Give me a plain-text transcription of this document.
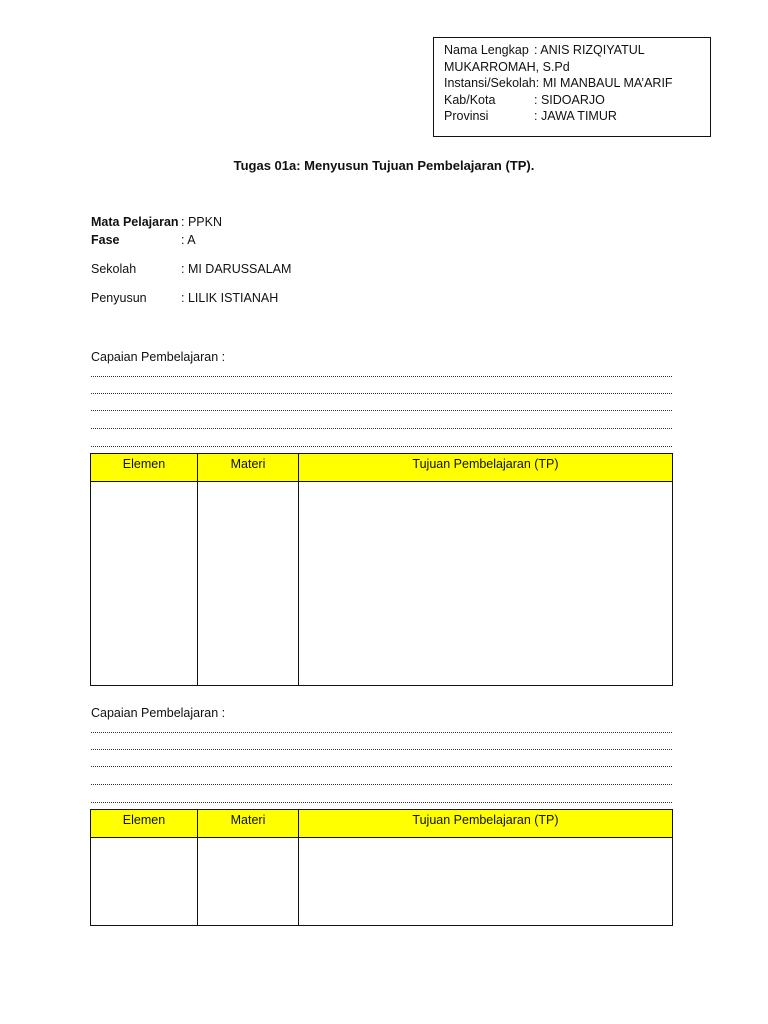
Nama Lengkap : ANIS RIZQIYATUL
MUKARROMAH, S.Pd
Instansi/Sekolah: MI MANBAUL MA’ARIF
Kab/Kota	: SIDOARJO
Provinsi	: JAWA TIMUR
Tugas 01a: Menyusun Tujuan Pembelajaran (TP).
Mata Pelajaran : PPKN
Fase	: A
Sekolah	: MI DARUSSALAM
Penyusun	: LILIK ISTIANAH
Capaian Pembelajaran :
Elemen	Materi	Tujuan Pembelajaran (TP)

Capaian Pembelajaran :
Elemen	Materi	Tujuan Pembelajaran (TP)
